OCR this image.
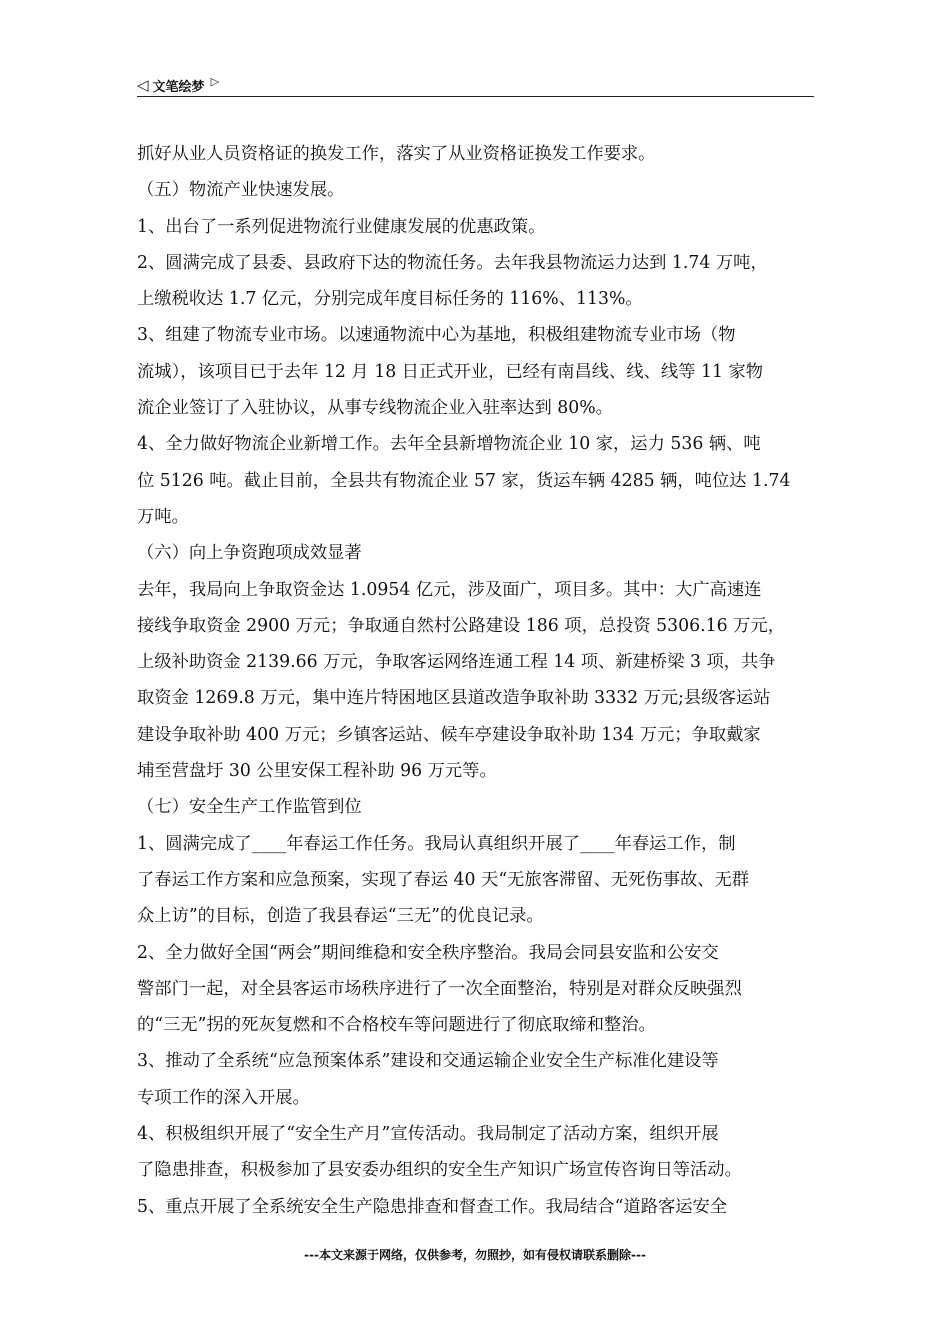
◁ 文笔绘梦 ▷

抓好从业人员资格证的换发工作，落实了从业资格证换发工作要求。

（五）物流产业快速发展。

1、出台了一系列促进物流行业健康发展的优惠政策。

2、圆满完成了县委、县政府下达的物流任务。去年我县物流运力达到 1.74 万吨，

上缴税收达 1.7 亿元，分别完成年度目标任务的 116%、113%。

3、组建了物流专业市场。以速通物流中心为基地，积极组建物流专业市场（物

流城），该项目已于去年 12 月 18 日正式开业，已经有南昌线、线、线等 11 家物

流企业签订了入驻协议，从事专线物流企业入驻率达到 80%。

4、全力做好物流企业新增工作。去年全县新增物流企业 10 家，运力 536 辆、吨

位 5126 吨。截止目前，全县共有物流企业 57 家，货运车辆 4285 辆，吨位达 1.74

万吨。

（六）向上争资跑项成效显著

去年，我局向上争取资金达 1.0954 亿元，涉及面广，项目多。其中：大广高速连

接线争取资金 2900 万元；争取通自然村公路建设 186 项，总投资 5306.16 万元，

上级补助资金 2139.66 万元，争取客运网络连通工程 14 项、新建桥梁 3 项，共争

取资金 1269.8 万元，集中连片特困地区县道改造争取补助 3332 万元;县级客运站

建设争取补助 400 万元；乡镇客运站、候车亭建设争取补助 134 万元；争取戴家

埔至营盘圩 30 公里安保工程补助 96 万元等。

（七）安全生产工作监管到位

1、圆满完成了____年春运工作任务。我局认真组织开展了____年春运工作，制

了春运工作方案和应急预案，实现了春运 40 天“无旅客滞留、无死伤事故、无群

众上访”的目标，创造了我县春运“三无”的优良记录。

2、全力做好全国“两会”期间维稳和安全秩序整治。我局会同县安监和公安交

警部门一起，对全县客运市场秩序进行了一次全面整治，特别是对群众反映强烈

的“三无”拐的死灰复燃和不合格校车等问题进行了彻底取缔和整治。

3、推动了全系统“应急预案体系”建设和交通运输企业安全生产标准化建设等

专项工作的深入开展。

4、积极组织开展了“安全生产月”宣传活动。我局制定了活动方案，组织开展

了隐患排查，积极参加了县安委办组织的安全生产知识广场宣传咨询日等活动。

5、重点开展了全系统安全生产隐患排查和督查工作。我局结合“道路客运安全

---本文来源于网络，仅供参考，勿照抄，如有侵权请联系删除---
